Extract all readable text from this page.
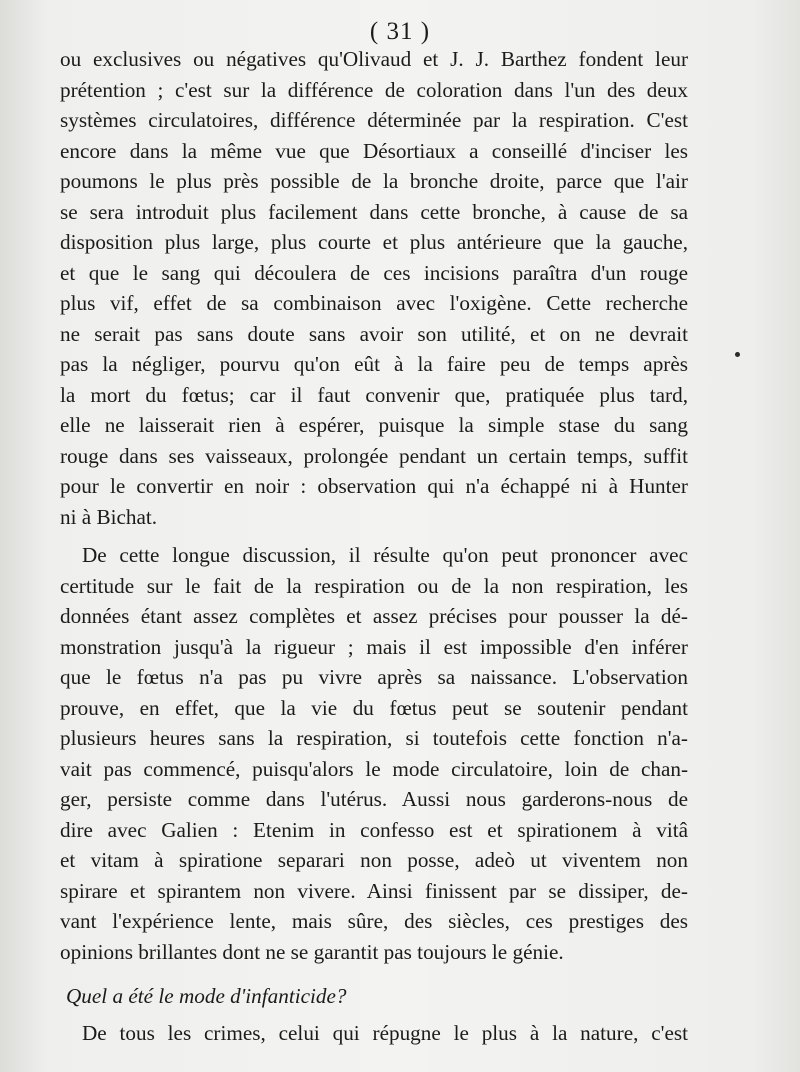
( 31 )
ou exclusives ou négatives qu'Olivaud et J. J. Barthez fondent leur
prétention ; c'est sur la différence de coloration dans l'un des deux
systèmes circulatoires, différence déterminée par la respiration. C'est
encore dans la même vue que Désortiaux a conseillé d'inciser les
poumons le plus près possible de la bronche droite, parce que l'air
se sera introduit plus facilement dans cette bronche, à cause de sa
disposition plus large, plus courte et plus antérieure que la gauche,
et que le sang qui découlera de ces incisions paraîtra d'un rouge
plus vif, effet de sa combinaison avec l'oxigène. Cette recherche
ne serait pas sans doute sans avoir son utilité, et on ne devrait
pas la négliger, pourvu qu'on eût à la faire peu de temps après
la mort du fœtus; car il faut convenir que, pratiquée plus tard,
elle ne laisserait rien à espérer, puisque la simple stase du sang
rouge dans ses vaisseaux, prolongée pendant un certain temps, suffit
pour le convertir en noir : observation qui n'a échappé ni à Hunter
ni à Bichat.
De cette longue discussion, il résulte qu'on peut prononcer avec
certitude sur le fait de la respiration ou de la non respiration, les
données étant assez complètes et assez précises pour pousser la dé-
monstration jusqu'à la rigueur ; mais il est impossible d'en inférer
que le fœtus n'a pas pu vivre après sa naissance. L'observation
prouve, en effet, que la vie du fœtus peut se soutenir pendant
plusieurs heures sans la respiration, si toutefois cette fonction n'a-
vait pas commencé, puisqu'alors le mode circulatoire, loin de chan-
ger, persiste comme dans l'utérus. Aussi nous garderons-nous de
dire avec Galien : Etenim in confesso est et spirationem à vitâ
et vitam à spiratione separari non posse, adeò ut viventem non
spirare et spirantem non vivere. Ainsi finissent par se dissiper, de-
vant l'expérience lente, mais sûre, des siècles, ces prestiges des
opinions brillantes dont ne se garantit pas toujours le génie.
Quel a été le mode d'infanticide?
De tous les crimes, celui qui répugne le plus à la nature, c'est
